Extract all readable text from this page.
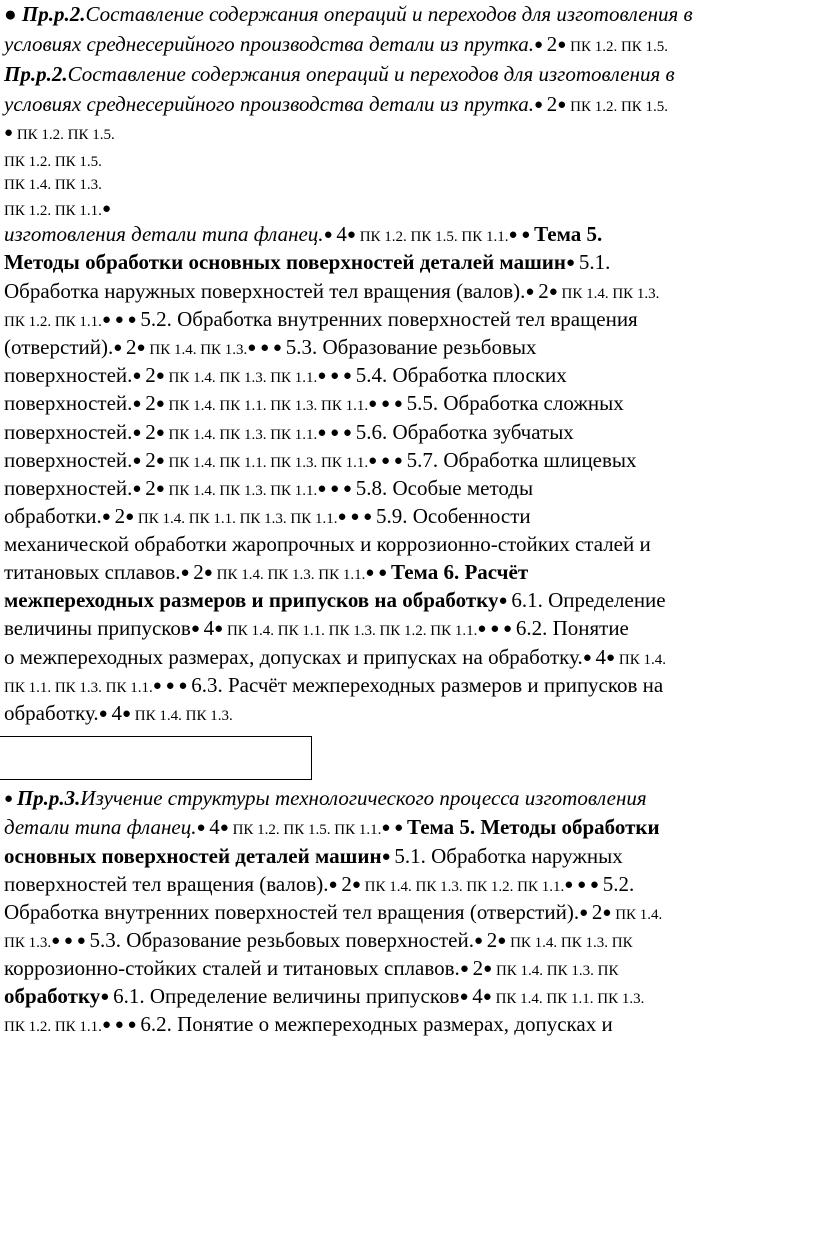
● Пр.р.2.Составление содержания операций и переходов для изготовления в
условиях среднесерийного производства детали из прутка.● 2● ПК 1.2. ПК 1.5.
Пр.р.2.Составление содержания операций и переходов для изготовления в
условиях среднесерийного производства детали из прутка.● 2● ПК 1.2. ПК 1.5.
● ПК 1.2. ПК 1.5.
ПК 1.2. ПК 1.5.
ПК 1.4. ПК 1.3.
ПК 1.2. ПК 1.1.●
изготовления детали типа фланец.● 4● ПК 1.2. ПК 1.5. ПК 1.1.● ● Тема 5.
Методы обработки основных поверхностей деталей машин● 5.1.
Обработка наружных поверхностей тел вращения (валов).● 2● ПК 1.4. ПК 1.3.
ПК 1.2. ПК 1.1.● ● ● 5.2. Обработка внутренних поверхностей тел вращения
(отверстий).● 2● ПК 1.4. ПК 1.3.● ● ● 5.3. Образование резьбовых
поверхностей.● 2● ПК 1.4. ПК 1.3. ПК 1.1.● ● ● 5.4. Обработка плоских
поверхностей.● 2● ПК 1.4. ПК 1.1. ПК 1.3. ПК 1.1.● ● ● 5.5. Обработка сложных
поверхностей.● 2● ПК 1.4. ПК 1.3. ПК 1.1.● ● ● 5.6. Обработка зубчатых
поверхностей.● 2● ПК 1.4. ПК 1.1. ПК 1.3. ПК 1.1.● ● ● 5.7. Обработка шлицевых
поверхностей.● 2● ПК 1.4. ПК 1.3. ПК 1.1.● ● ● 5.8. Особые методы
обработки.● 2● ПК 1.4. ПК 1.1. ПК 1.3. ПК 1.1.● ● ● 5.9. Особенности
механической обработки жаропрочных и коррозионно-стойких сталей и
титановых сплавов.● 2● ПК 1.4. ПК 1.3. ПК 1.1.● ● Тема 6. Расчёт
межпереходных размеров и припусков на обработку● 6.1. Определение
величины припусков● 4● ПК 1.4. ПК 1.1. ПК 1.3. ПК 1.2. ПК 1.1.● ● ● 6.2. Понятие
о межпереходных размерах, допусках и припусках на обработку.● 4● ПК 1.4.
ПК 1.1. ПК 1.3. ПК 1.1.● ● ● 6.3. Расчёт межпереходных размеров и припусков на
обработку.● 4● ПК 1.4. ПК 1.3.
● Пр.р.3.Изучение структуры технологического процесса изготовления
детали типа фланец.● 4● ПК 1.2. ПК 1.5. ПК 1.1.● ● Тема 5. Методы обработки
основных поверхностей деталей машин● 5.1. Обработка наружных
поверхностей тел вращения (валов).● 2● ПК 1.4. ПК 1.3. ПК 1.2. ПК 1.1.● ● ● 5.2.
Обработка внутренних поверхностей тел вращения (отверстий).● 2● ПК 1.4.
ПК 1.3.● ● ● 5.3. Образование резьбовых поверхностей.● 2● ПК 1.4. ПК 1.3. ПК
коррозионно-стойких сталей и титановых сплавов.● 2● ПК 1.4. ПК 1.3. ПК
обработку● 6.1. Определение величины припусков● 4● ПК 1.4. ПК 1.1. ПК 1.3.
ПК 1.2. ПК 1.1.● ● ● 6.2. Понятие о межпереходных размерах, допусках и
